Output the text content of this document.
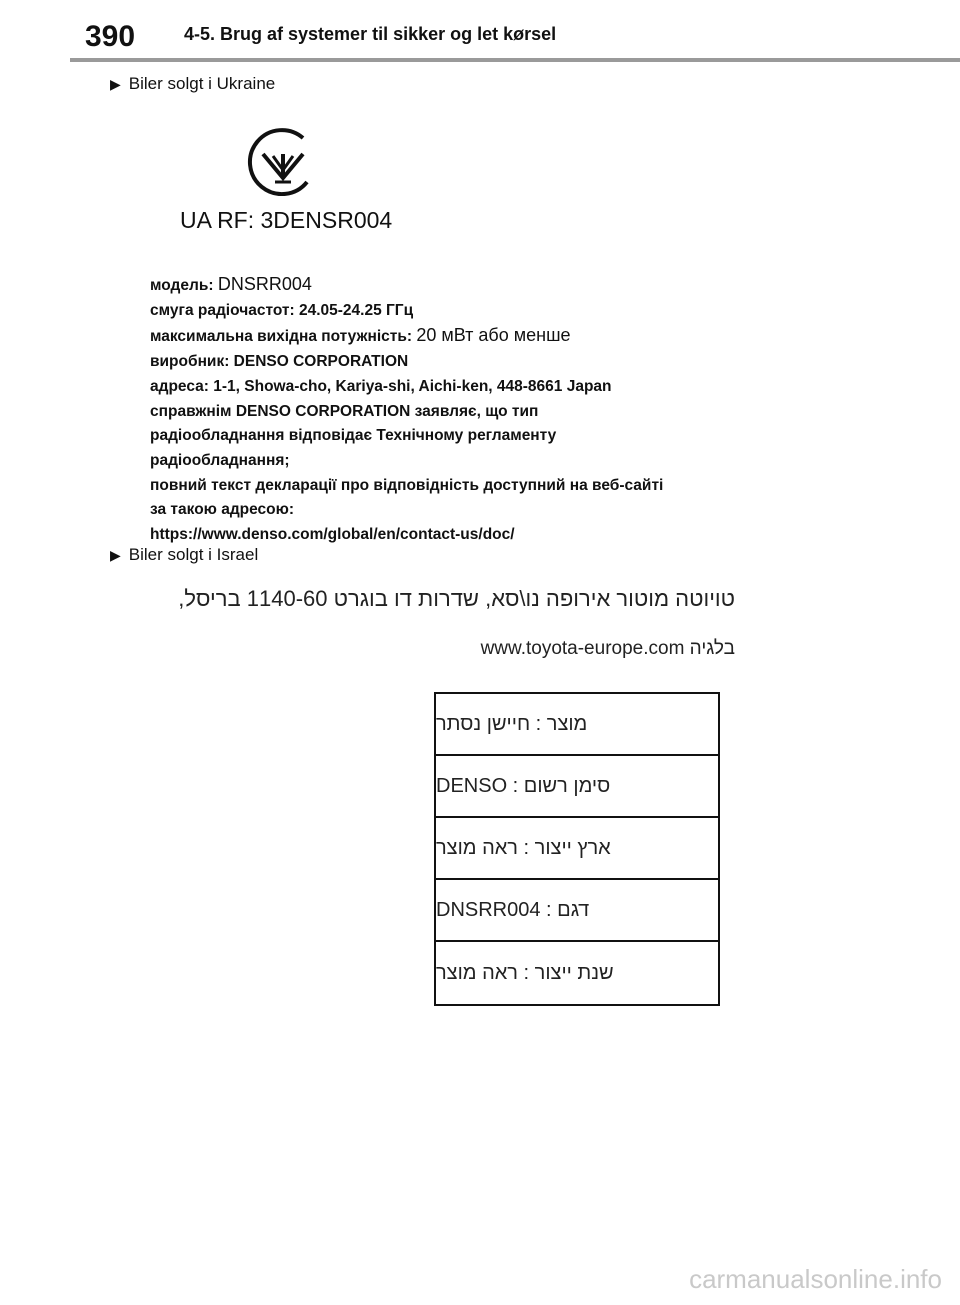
390	4-5. Brug af systemer til sikker og let kørsel
▶ Biler solgt i Ukraine
UA RF: 3DENSR004
модель: DNSRR004
смуга радіочастот: 24.05-24.25 ГГц
максимальна вихідна потужність: 20 мВт або менше
виробник: DENSO CORPORATION
адреса: 1-1, Showa-cho, Kariya-shi, Aichi-ken, 448-8661 Japan
справжнім DENSO CORPORATION заявляє, що тип
радіообладнання відповідає Технічному регламенту
радіообладнання;
повний текст декларації про відповідність доступний на веб-сайті
за такою адресою:
https://www.denso.com/global/en/contact-us/doc/
▶ Biler solgt i Israel
טויוטה מוטור אירופה נו\סא, שדרות דו בוגרט 1140-60 בריסל,
בלגיה www.toyota-europe.com
מוצר : חיישן נסתר
סימן רשום : DENSO
ארץ ייצור : ראה מוצר
דגם : DNSRR004
שנת ייצור : ראה מוצר
carmanualsonline.info
